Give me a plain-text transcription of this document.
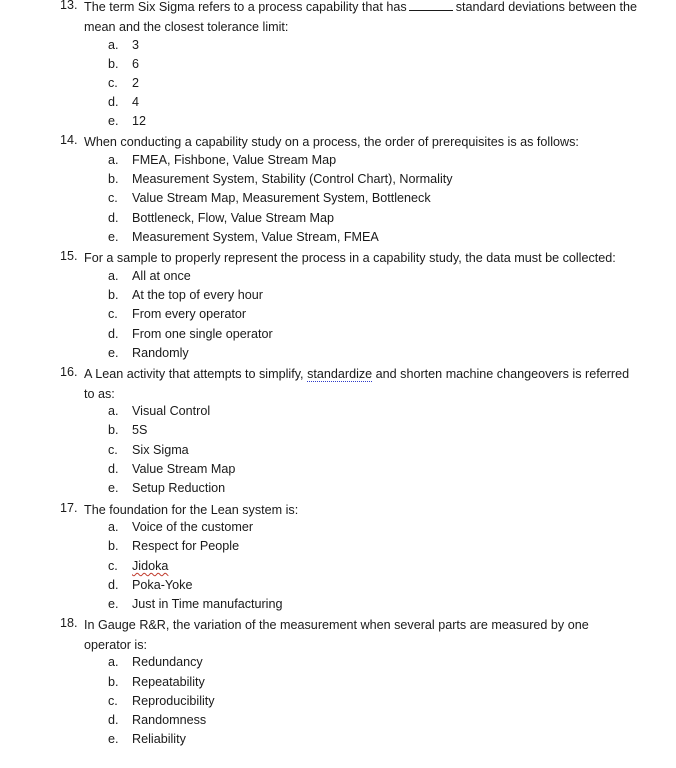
13. The term Six Sigma refers to a process capability that has	standard deviations between the mean and the closest tolerance limit:
a. 3
b. 6
c. 2
d. 4
e. 12
14. When conducting a capability study on a process, the order of prerequisites is as follows:
a. FMEA, Fishbone, Value Stream Map
b. Measurement System, Stability (Control Chart), Normality
c. Value Stream Map, Measurement System, Bottleneck
d. Bottleneck, Flow, Value Stream Map
e. Measurement System, Value Stream, FMEA
15. For a sample to properly represent the process in a capability study, the data must be collected:
a. All at once
b. At the top of every hour
c. From every operator
d. From one single operator
e. Randomly
16. A Lean activity that attempts to simplify, standardize and shorten machine changeovers is referred to as:
a. Visual Control
b. 5S
c. Six Sigma
d. Value Stream Map
e. Setup Reduction
17. The foundation for the Lean system is:
a. Voice of the customer
b. Respect for People
c. Jidoka
d. Poka-Yoke
e. Just in Time manufacturing
18. In Gauge R&R, the variation of the measurement when several parts are measured by one operator is:
a. Redundancy
b. Repeatability
c. Reproducibility
d. Randomness
e. Reliability
